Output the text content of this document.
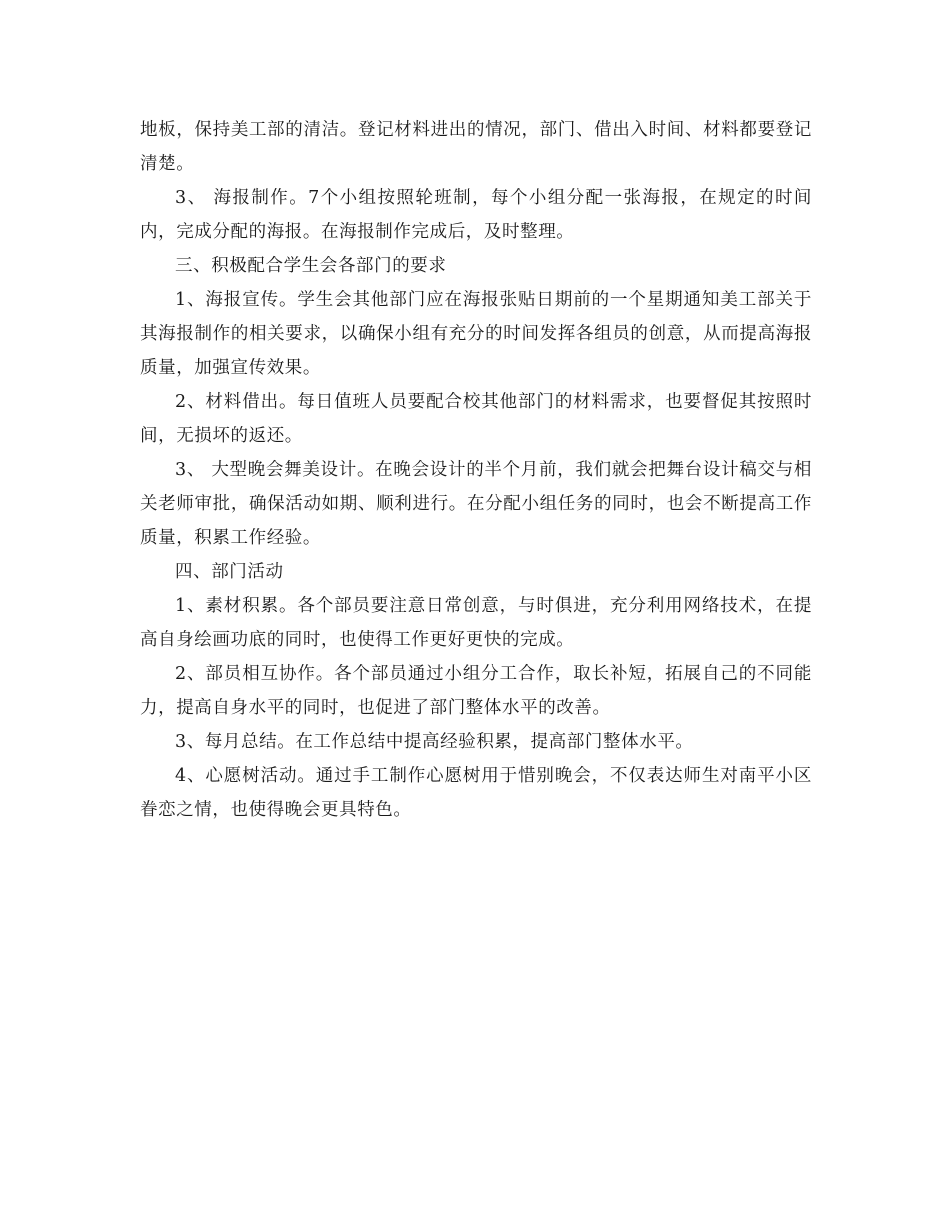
地板，保持美工部的清洁。登记材料进出的情况，部门、借出入时间、材料都要登记清楚。

3、 海报制作。7个小组按照轮班制，每个小组分配一张海报，在规定的时间内，完成分配的海报。在海报制作完成后，及时整理。

三、积极配合学生会各部门的要求

1、海报宣传。学生会其他部门应在海报张贴日期前的一个星期通知美工部关于其海报制作的相关要求，以确保小组有充分的时间发挥各组员的创意，从而提高海报质量，加强宣传效果。

2、材料借出。每日值班人员要配合校其他部门的材料需求，也要督促其按照时间，无损坏的返还。

3、 大型晚会舞美设计。在晚会设计的半个月前，我们就会把舞台设计稿交与相关老师审批，确保活动如期、顺利进行。在分配小组任务的同时，也会不断提高工作质量，积累工作经验。

四、部门活动

1、素材积累。各个部员要注意日常创意，与时俱进，充分利用网络技术，在提高自身绘画功底的同时，也使得工作更好更快的完成。

2、部员相互协作。各个部员通过小组分工合作，取长补短，拓展自己的不同能力，提高自身水平的同时，也促进了部门整体水平的改善。

3、每月总结。在工作总结中提高经验积累，提高部门整体水平。

4、心愿树活动。通过手工制作心愿树用于惜别晚会，不仅表达师生对南平小区眷恋之情，也使得晚会更具特色。
